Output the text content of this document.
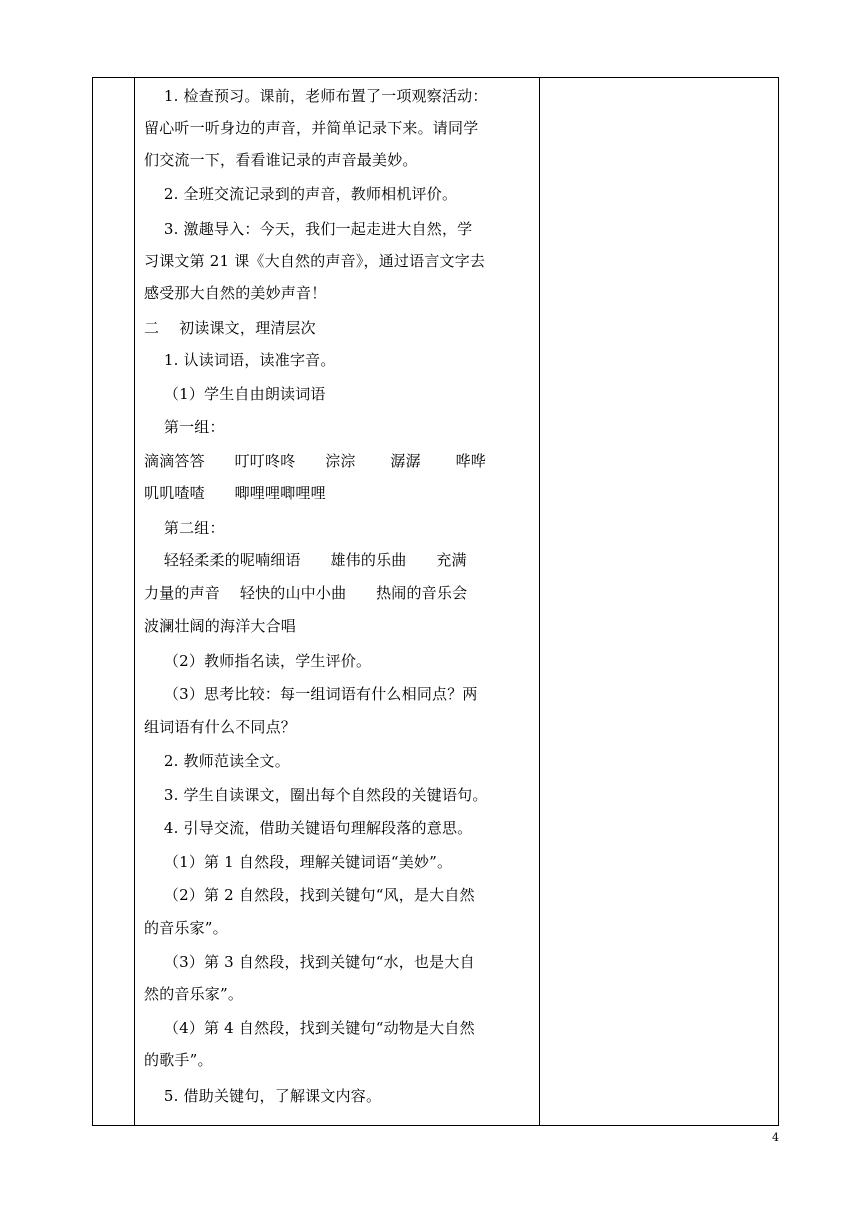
1. 检查预习。课前，老师布置了一项观察活动：
留心听一听身边的声音，并简单记录下来。请同学
们交流一下，看看谁记录的声音最美妙。
2. 全班交流记录到的声音，教师相机评价。
3. 激趣导入：今天，我们一起走进大自然，学
习课文第 21 课《大自然的声音》，通过语言文字去
感受那大自然的美妙声音！
二    初读课文，理清层次
1. 认读词语，读准字音。
（1）学生自由朗读词语
第一组：
滴滴答答      叮叮咚咚      淙淙       潺潺       哗哗
叽叽喳喳      唧哩哩唧哩哩
第二组：
轻轻柔柔的呢喃细语      雄伟的乐曲      充满
力量的声音    轻快的山中小曲      热闹的音乐会
波澜壮阔的海洋大合唱
（2）教师指名读，学生评价。
（3）思考比较：每一组词语有什么相同点？两
组词语有什么不同点？
2. 教师范读全文。
3. 学生自读课文，圈出每个自然段的关键语句。
4. 引导交流，借助关键语句理解段落的意思。
（1）第 1 自然段，理解关键词语“美妙”。
（2）第 2 自然段，找到关键句“风，是大自然
的音乐家”。
（3）第 3 自然段，找到关键句“水，也是大自
然的音乐家”。
（4）第 4 自然段，找到关键句“动物是大自然
的歌手”。
5. 借助关键句，了解课文内容。
4
